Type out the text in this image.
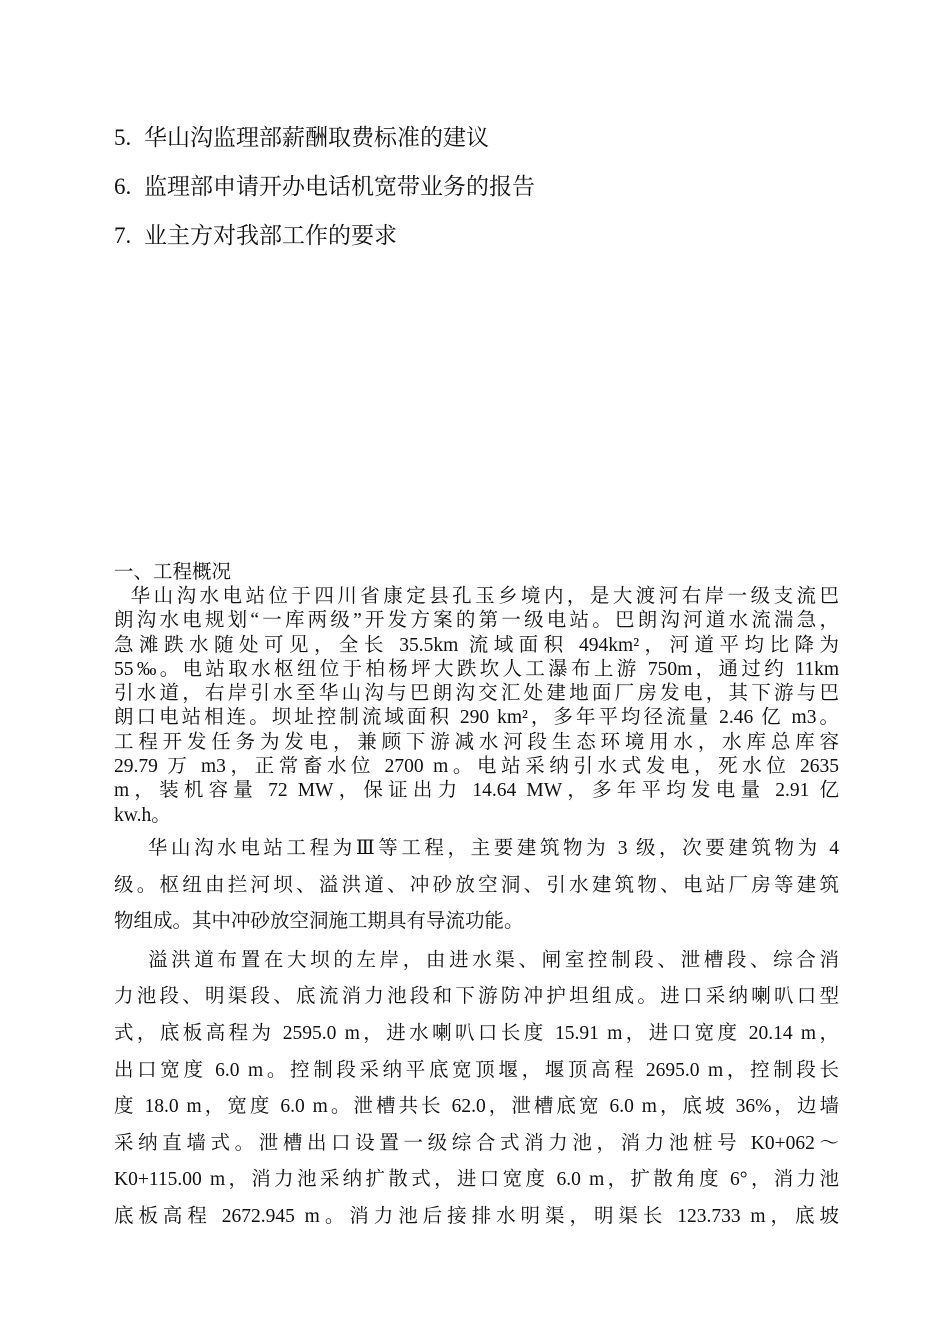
5. 华山沟监理部薪酬取费标准的建议
6. 监理部申请开办电话机宽带业务的报告
7. 业主方对我部工作的要求
一、工程概况

华山沟水电站位于四川省康定县孔玉乡境内，是大渡河右岸一级支流巴
朗沟水电规划“一库两级”开发方案的第一级电站。巴朗沟河道水流湍急，
急滩跌水随处可见，全长 35.5km 流域面积 494km²，河道平均比降为
55‰。电站取水枢纽位于柏杨坪大跌坎人工瀑布上游 750m，通过约 11km
引水道，右岸引水至华山沟与巴朗沟交汇处建地面厂房发电，其下游与巴
朗口电站相连。坝址控制流域面积 290 km²，多年平均径流量 2.46 亿 m3。
工程开发任务为发电，兼顾下游减水河段生态环境用水，水库总库容
29.79 万 m3，正常畜水位 2700 m。电站采纳引水式发电，死水位 2635
m，装机容量 72 MW，保证出力 14.64 MW，多年平均发电量 2.91 亿
kw.h。

华山沟水电站工程为Ⅲ等工程，主要建筑物为 3 级，次要建筑物为 4
级。枢纽由拦河坝、溢洪道、冲砂放空洞、引水建筑物、电站厂房等建筑
物组成。其中冲砂放空洞施工期具有导流功能。

溢洪道布置在大坝的左岸，由进水渠、闸室控制段、泄槽段、综合消
力池段、明渠段、底流消力池段和下游防冲护坦组成。进口采纳喇叭口型
式，底板高程为 2595.0 m，进水喇叭口长度 15.91 m，进口宽度 20.14 m，
出口宽度 6.0 m。控制段采纳平底宽顶堰，堰顶高程 2695.0 m，控制段长
度 18.0 m，宽度 6.0 m。泄槽共长 62.0，泄槽底宽 6.0 m，底坡 36%，边墙
采纳直墙式。泄槽出口设置一级综合式消力池，消力池桩号 K0+062～
K0+115.00 m，消力池采纳扩散式，进口宽度 6.0 m，扩散角度 6°，消力池
底板高程 2672.945 m。消力池后接排水明渠，明渠长 123.733 m，底坡
